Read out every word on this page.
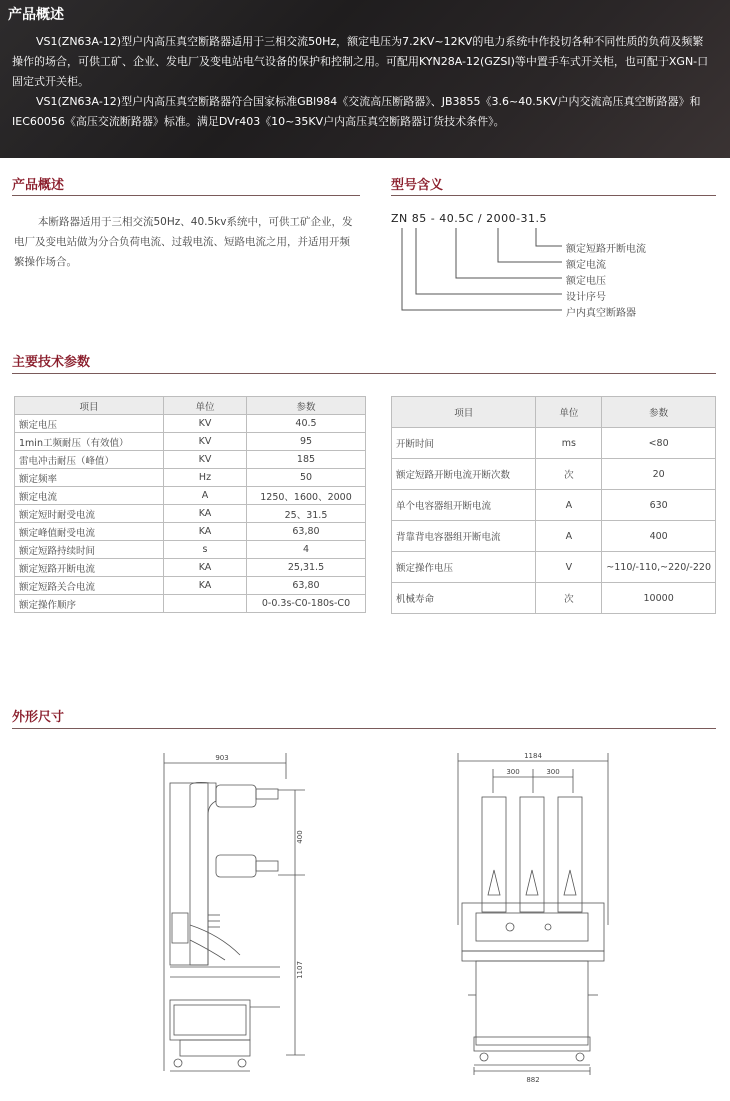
产品概述
VS1(ZN63A-12)型户内高压真空断路器适用于三相交流50Hz，额定电压为7.2KV~12KV的电力系统中作投切各种不同性质的负荷及频繁操作的场合，可供工矿、企业、发电厂及变电站电气设备的保护和控制之用。可配用KYN28A-12(GZSI)等中置手车式开关柜，也可配于XGN-口固定式开关柜。
VS1(ZN63A-12)型户内高压真空断路器符合国家标准GBl984《交流高压断路器》、JB3855《3.6~40.5KV户内交流高压真空断路器》和IEC60056《高压交流断路器》标准。满足DVr403《10~35KV户内高压真空断路器订货技术条件》。
产品概述
本断路器适用于三相交流50Hz、40.5kv系统中，可供工矿企业，发电厂及变电站做为分合负荷电流、过载电流、短路电流之用，并适用开频繁操作场合。
型号含义
ZN 85 - 40.5C / 2000-31.5
额定短路开断电流
额定电流
额定电压
设计序号
户内真空断路器
主要技术参数
项目	单位	参数
额定电压	KV	40.5
1min工频耐压（有效值）	KV	95
雷电冲击耐压（峰值）	KV	185
额定频率	Hz	50
额定电流	A	1250、1600、2000
额定短时耐受电流	KA	25、31.5
额定峰值耐受电流	KA	63,80
额定短路持续时间	s	4
额定短路开断电流	KA	25,31.5
额定短路关合电流	KA	63,80
额定操作顺序		0-0.3s-C0-180s-C0
项目	单位	参数
开断时间	ms	<80
额定短路开断电流开断次数	次	20
单个电容器组开断电流	A	630
背靠背电容器组开断电流	A	400
额定操作电压	V	~110/-110,~220/-220
机械寿命	次	10000
外形尺寸
903
400
1107
1184
300	300
882
